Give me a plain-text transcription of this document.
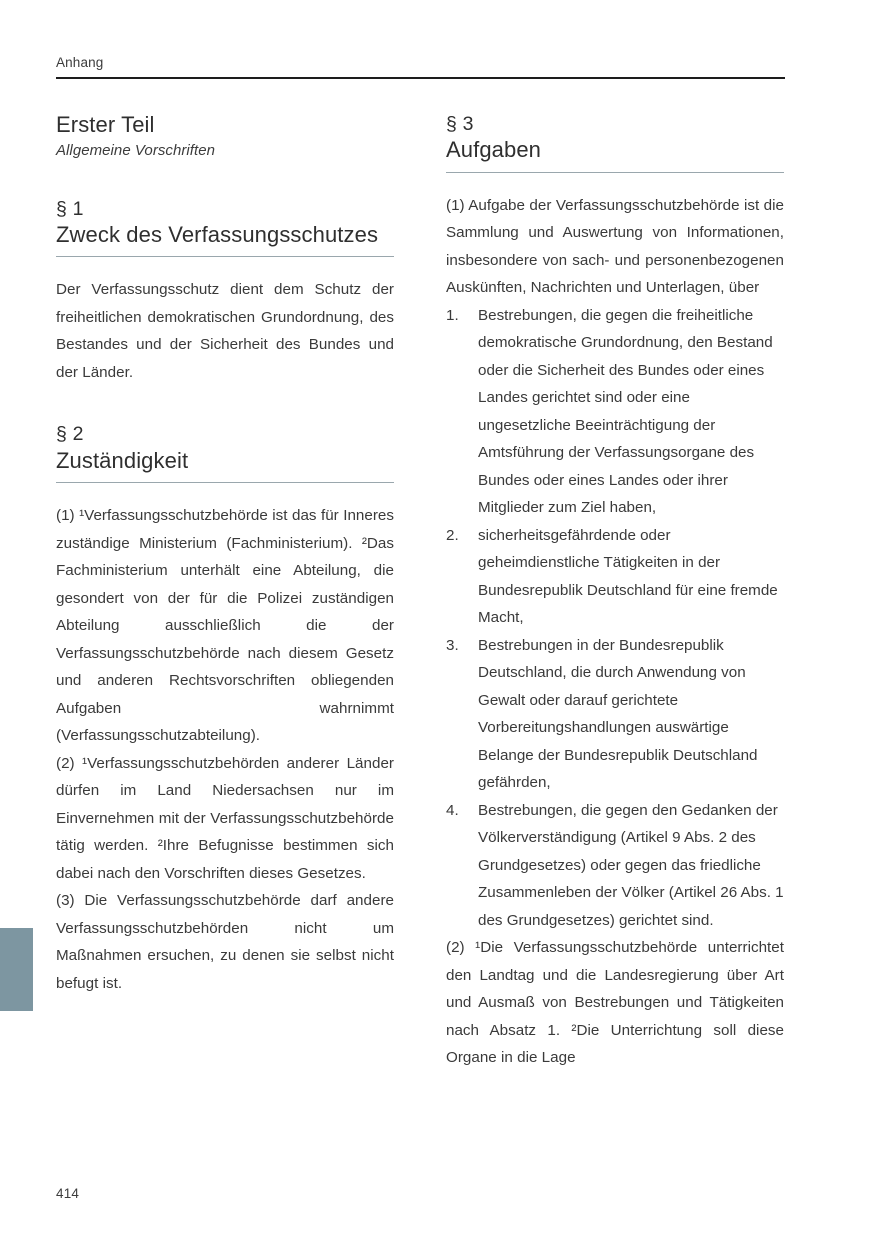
Anhang
Erster Teil

Allgemeine Vorschriften

§ 1
Zweck des Verfassungsschutzes

Der Verfassungsschutz dient dem Schutz der freiheitlichen demokratischen Grundordnung, des Bestandes und der Sicherheit des Bundes und der Länder.

§ 2
Zuständigkeit

(1) ¹Verfassungsschutzbehörde ist das für Inneres zuständige Ministerium (Fachministerium). ²Das Fachministerium unterhält eine Abteilung, die gesondert von der für die Polizei zuständigen Abteilung ausschließlich die der Verfassungsschutzbehörde nach diesem Gesetz und anderen Rechtsvorschriften obliegenden Aufgaben wahrnimmt (Verfassungsschutzabteilung).

(2) ¹Verfassungsschutzbehörden anderer Länder dürfen im Land Niedersachsen nur im Einvernehmen mit der Verfassungsschutzbehörde tätig werden. ²Ihre Befugnisse bestimmen sich dabei nach den Vorschriften dieses Gesetzes.

(3) Die Verfassungsschutzbehörde darf andere Verfassungsschutzbehörden nicht um Maßnahmen ersuchen, zu denen sie selbst nicht befugt ist.

§ 3
Aufgaben

(1) Aufgabe der Verfassungsschutzbehörde ist die Sammlung und Auswertung von Informationen, insbesondere von sach- und personenbezogenen Auskünften, Nachrichten und Unterlagen, über

1.	Bestrebungen, die gegen die freiheitliche demokratische Grundordnung, den Bestand oder die Sicherheit des Bundes oder eines Landes gerichtet sind oder eine ungesetzliche Beeinträchtigung der Amtsführung der Verfassungsorgane des Bundes oder eines Landes oder ihrer Mitglieder zum Ziel haben,
2.	sicherheitsgefährdende oder geheimdienstliche Tätigkeiten in der Bundesrepublik Deutschland für eine fremde Macht,
3.	Bestrebungen in der Bundesrepublik Deutschland, die durch Anwendung von Gewalt oder darauf gerichtete Vorbereitungshandlungen auswärtige Belange der Bundesrepublik Deutschland gefährden,
4.	Bestrebungen, die gegen den Gedanken der Völkerverständigung (Artikel 9 Abs. 2 des Grundgesetzes) oder gegen das friedliche Zusammenleben der Völker (Artikel 26 Abs. 1 des Grundgesetzes) gerichtet sind.

(2) ¹Die Verfassungsschutzbehörde unterrichtet den Landtag und die Landesregierung über Art und Ausmaß von Bestrebungen und Tätigkeiten nach Absatz 1. ²Die Unterrichtung soll diese Organe in die Lage

414
